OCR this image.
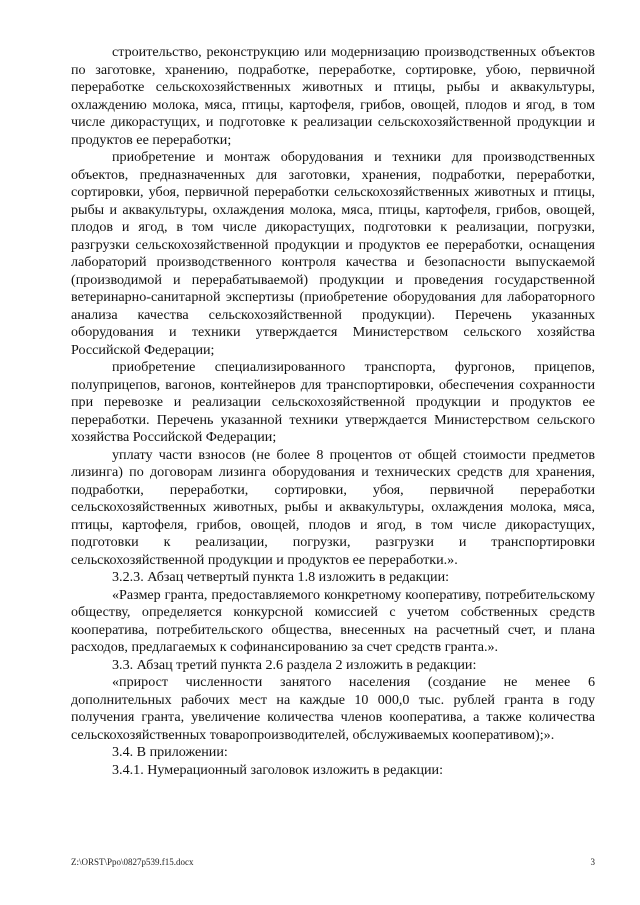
строительство, реконструкцию или модернизацию производственных объектов по заготовке, хранению, подработке, переработке, сортировке, убою, первичной переработке сельскохозяйственных животных и птицы, рыбы и аквакультуры, охлаждению молока, мяса, птицы, картофеля, грибов, овощей, плодов и ягод, в том числе дикорастущих, и подготовке к реализации сельскохозяйственной продукции и продуктов ее переработки;

приобретение и монтаж оборудования и техники для производственных объектов, предназначенных для заготовки, хранения, подработки, переработки, сортировки, убоя, первичной переработки сельскохозяйственных животных и птицы, рыбы и аквакультуры, охлаждения молока, мяса, птицы, картофеля, грибов, овощей, плодов и ягод, в том числе дикорастущих, подготовки к реализации, погрузки, разгрузки сельскохозяйственной продукции и продуктов ее переработки, оснащения лабораторий производственного контроля качества и безопасности выпускаемой (производимой и перерабатываемой) продукции и проведения государственной ветеринарно-санитарной экспертизы (приобретение оборудования для лабораторного анализа качества сельскохозяйственной продукции). Перечень указанных оборудования и техники утверждается Министерством сельского хозяйства Российской Федерации;

приобретение специализированного транспорта, фургонов, прицепов, полуприцепов, вагонов, контейнеров для транспортировки, обеспечения сохранности при перевозке и реализации сельскохозяйственной продукции и продуктов ее переработки. Перечень указанной техники утверждается Министерством сельского хозяйства Российской Федерации;

уплату части взносов (не более 8 процентов от общей стоимости предметов лизинга) по договорам лизинга оборудования и технических средств для хранения, подработки, переработки, сортировки, убоя, первичной переработки сельскохозяйственных животных, рыбы и аквакультуры, охлаждения молока, мяса, птицы, картофеля, грибов, овощей, плодов и ягод, в том числе дикорастущих, подготовки к реализации, погрузки, разгрузки и транспортировки сельскохозяйственной продукции и продуктов ее переработки.».

3.2.3. Абзац четвертый пункта 1.8 изложить в редакции:

«Размер гранта, предоставляемого конкретному кооперативу, потребительскому обществу, определяется конкурсной комиссией с учетом собственных средств кооператива, потребительского общества, внесенных на расчетный счет, и плана расходов, предлагаемых к софинансированию за счет средств гранта.».

3.3. Абзац третий пункта 2.6 раздела 2 изложить в редакции:

«прирост численности занятого населения (создание не менее 6 дополнительных рабочих мест на каждые 10 000,0 тыс. рублей гранта в году получения гранта, увеличение количества членов кооператива, а также количества сельскохозяйственных товаропроизводителей, обслуживаемых кооперативом);».

3.4. В приложении:

3.4.1. Нумерационный заголовок изложить в редакции:

Z:\ORST\Ppo\0827p539.f15.docx	3
